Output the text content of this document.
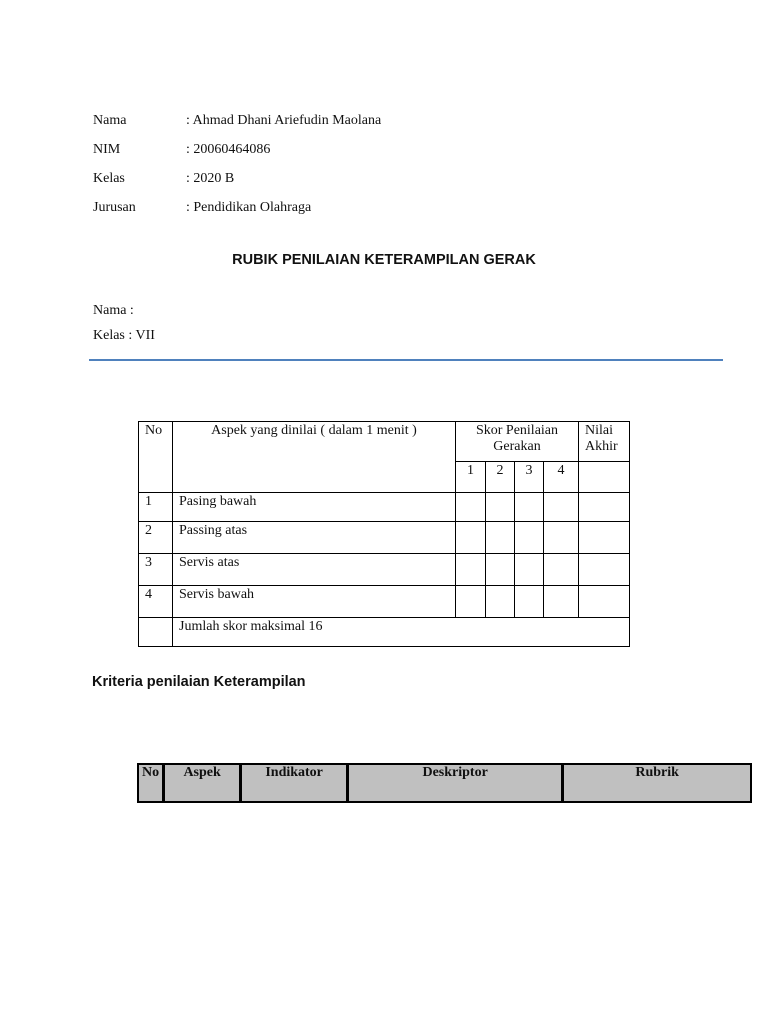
Nama	: Ahmad Dhani Ariefudin Maolana
NIM	: 20060464086
Kelas	: 2020 B
Jurusan	: Pendidikan Olahraga
RUBIK PENILAIAN KETERAMPILAN GERAK
Nama :
Kelas : VII
No	Aspek yang dinilai ( dalam 1 menit )	Skor Penilaian Gerakan				Nilai Akhir
		1	2	3	4	
1	Pasing bawah					
2	Passing atas					
3	Servis atas					
4	Servis bawah					
	Jumlah skor maksimal 16					
Kriteria penilaian Keterampilan
No	Aspek	Indikator	Deskriptor	Rubrik
